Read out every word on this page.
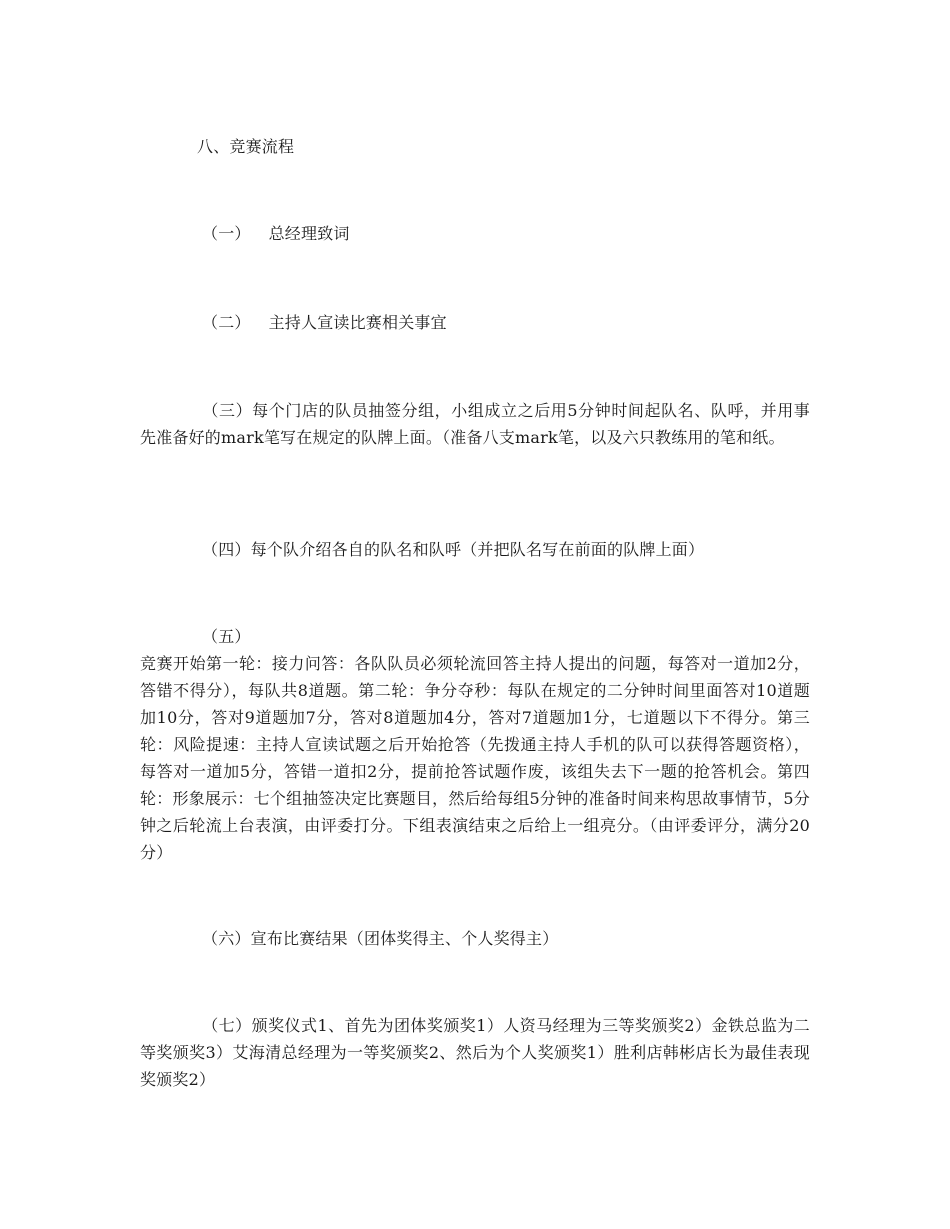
八、竞赛流程
（一） 总经理致词
（二） 主持人宣读比赛相关事宜
（三）每个门店的队员抽签分组，小组成立之后用5分钟时间起队名、队呼，并用事先准备好的mark笔写在规定的队牌上面。（准备八支mark笔，以及六只教练用的笔和纸。
（四）每个队介绍各自的队名和队呼（并把队名写在前面的队牌上面）
（五）
竞赛开始第一轮：接力问答：各队队员必须轮流回答主持人提出的问题，每答对一道加2分，答错不得分），每队共8道题。第二轮：争分夺秒：每队在规定的二分钟时间里面答对10道题加10分，答对9道题加7分，答对8道题加4分，答对7道题加1分，七道题以下不得分。第三轮：风险提速：主持人宣读试题之后开始抢答（先拨通主持人手机的队可以获得答题资格），每答对一道加5分，答错一道扣2分，提前抢答试题作废，该组失去下一题的抢答机会。第四轮：形象展示：七个组抽签决定比赛题目，然后给每组5分钟的准备时间来构思故事情节，5分钟之后轮流上台表演，由评委打分。下组表演结束之后给上一组亮分。（由评委评分，满分20分）
（六）宣布比赛结果（团体奖得主、个人奖得主）
（七）颁奖仪式1、首先为团体奖颁奖1）人资马经理为三等奖颁奖2）金铁总监为二等奖颁奖3）艾海清总经理为一等奖颁奖2、然后为个人奖颁奖1）胜利店韩彬店长为最佳表现奖颁奖2）
